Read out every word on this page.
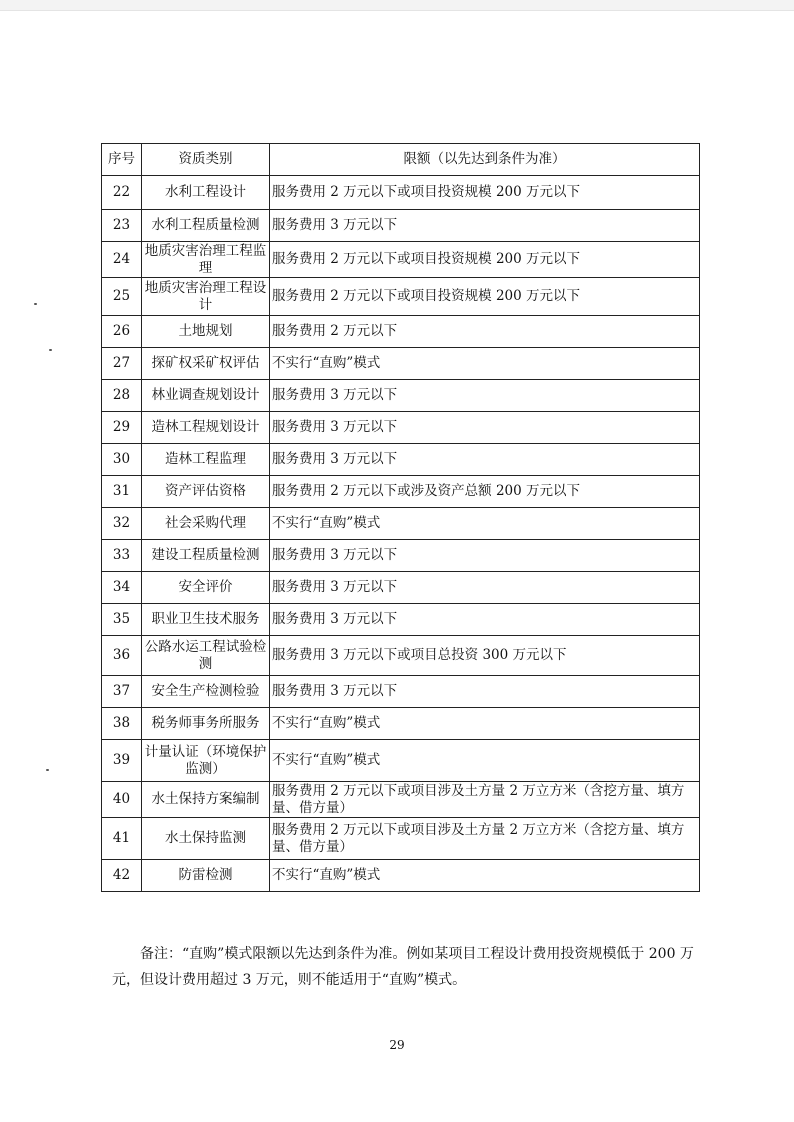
序号	资质类别	限额（以先达到条件为准）
22	水利工程设计	服务费用 2 万元以下或项目投资规模 200 万元以下
23	水利工程质量检测	服务费用 3 万元以下
24	地质灾害治理工程监理	服务费用 2 万元以下或项目投资规模 200 万元以下
25	地质灾害治理工程设计	服务费用 2 万元以下或项目投资规模 200 万元以下
26	土地规划	服务费用 2 万元以下
27	探矿权采矿权评估	不实行“直购”模式
28	林业调查规划设计	服务费用 3 万元以下
29	造林工程规划设计	服务费用 3 万元以下
30	造林工程监理	服务费用 3 万元以下
31	资产评估资格	服务费用 2 万元以下或涉及资产总额 200 万元以下
32	社会采购代理	不实行“直购”模式
33	建设工程质量检测	服务费用 3 万元以下
34	安全评价	服务费用 3 万元以下
35	职业卫生技术服务	服务费用 3 万元以下
36	公路水运工程试验检测	服务费用 3 万元以下或项目总投资 300 万元以下
37	安全生产检测检验	服务费用 3 万元以下
38	税务师事务所服务	不实行“直购”模式
39	计量认证（环境保护监测）	不实行“直购”模式
40	水土保持方案编制	服务费用 2 万元以下或项目涉及土方量 2 万立方米（含挖方量、填方量、借方量）
41	水土保持监测	服务费用 2 万元以下或项目涉及土方量 2 万立方米（含挖方量、填方量、借方量）
42	防雷检测	不实行“直购”模式

备注：“直购”模式限额以先达到条件为准。例如某项目工程设计费用投资规模低于 200 万元，但设计费用超过 3 万元，则不能适用于“直购”模式。

29
